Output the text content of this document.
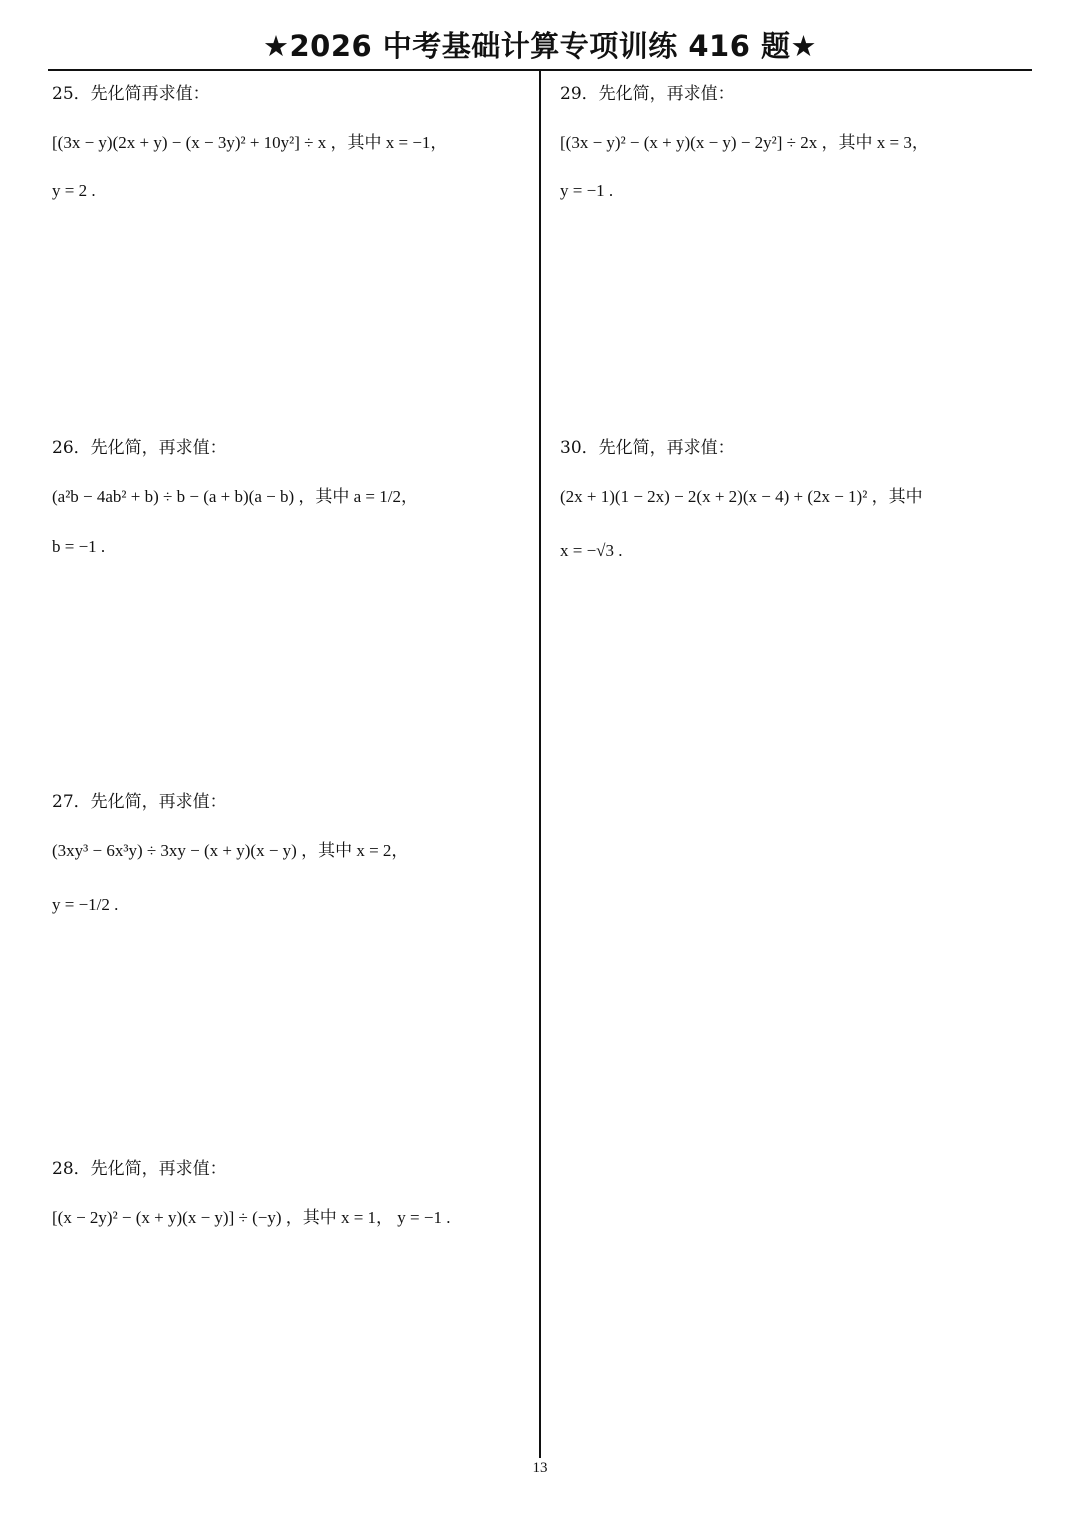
★2026 中考基础计算专项训练 416 题★
25．先化简再求值：
[(3x − y)(2x + y) − (x − 3y)² + 10y²] ÷ x ，其中 x = −1，
y = 2 .
26．先化简，再求值：
(a²b − 4ab² + b) ÷ b − (a + b)(a − b) ，其中 a = 1/2，
b = −1 .
27．先化简，再求值：
(3xy³ − 6x³y) ÷ 3xy − (x + y)(x − y) ，其中 x = 2，
y = −1/2 .
28．先化简，再求值：
[(x − 2y)² − (x + y)(x − y)] ÷ (−y) ，其中 x = 1， y = −1 .
29．先化简，再求值：
[(3x − y)² − (x + y)(x − y) − 2y²] ÷ 2x ，其中 x = 3，
y = −1 .
30．先化简，再求值：
(2x + 1)(1 − 2x) − 2(x + 2)(x − 4) + (2x − 1)² ，其中
x = −√3 .
13
